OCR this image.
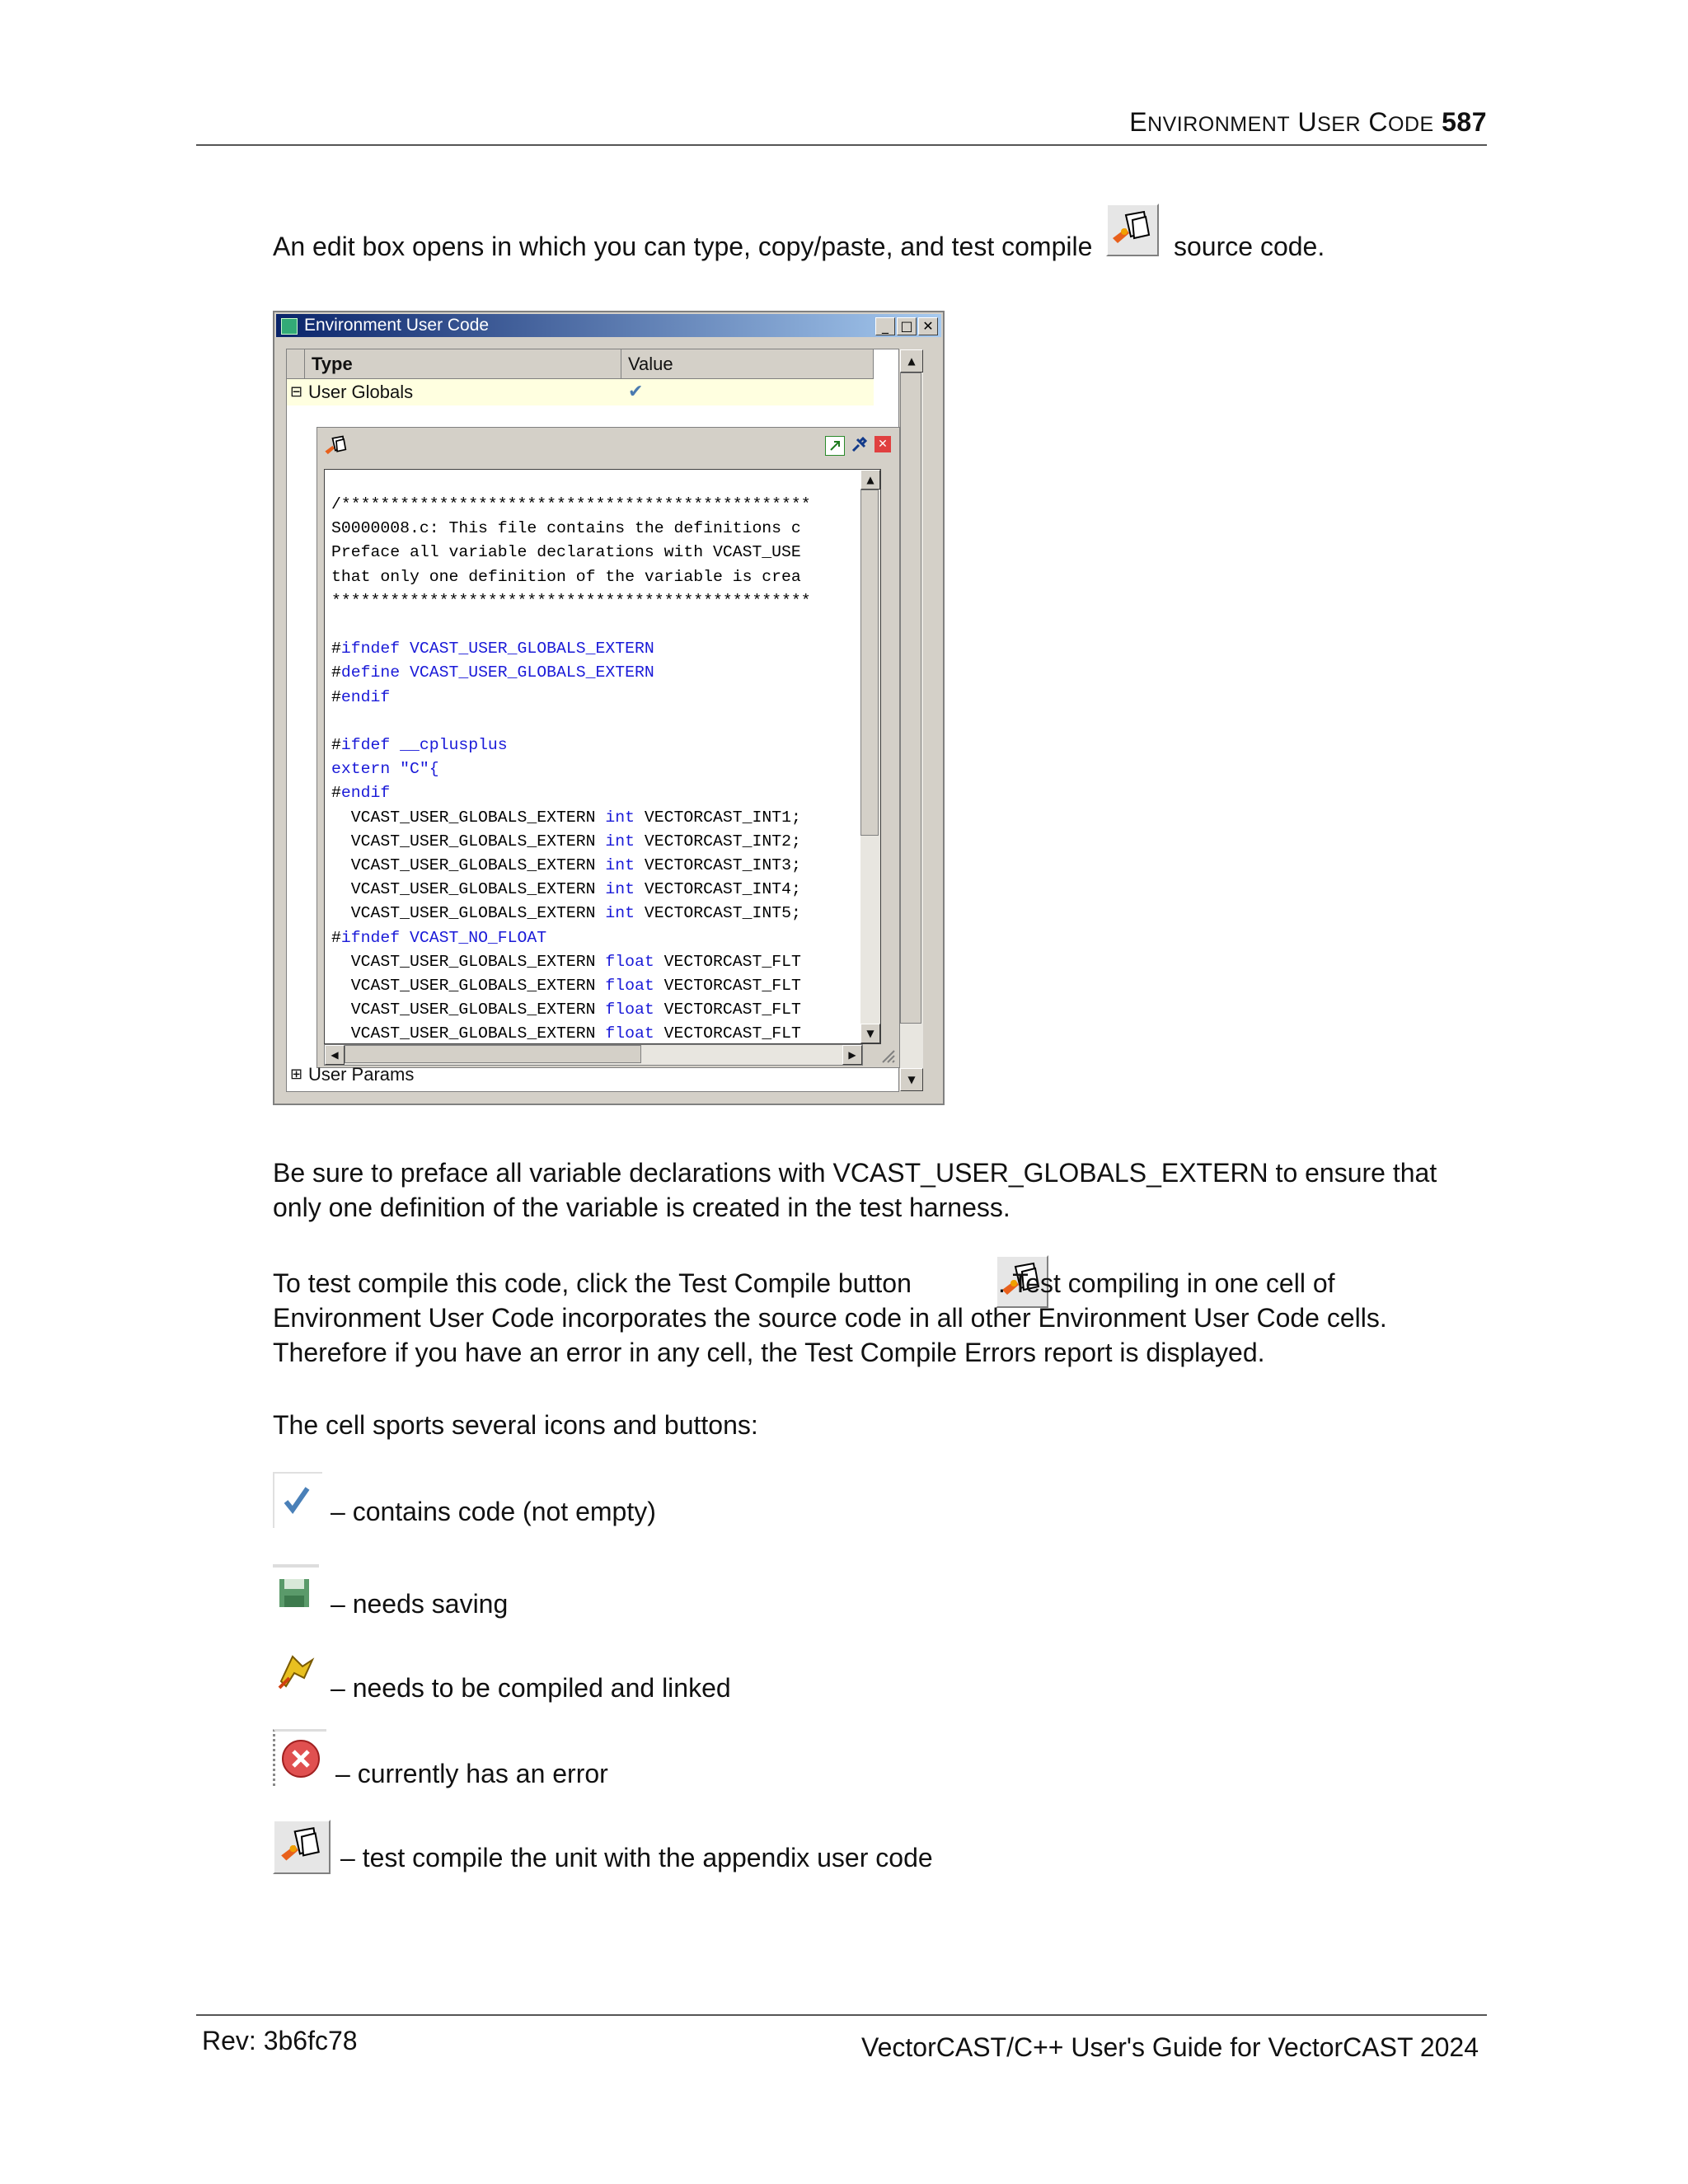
ENVIRONMENT USER CODE 587

An edit box opens in which you can type, copy/paste, and test compile

	source code.

Environment User Code	_ □ ✕
Type	Value
⊟ User Globals	✔
✕
/************************************************
S0000008.c: This file contains the definitions c
Preface all variable declarations with VCAST_USE
that only one definition of the variable is crea
*************************************************

#ifndef VCAST_USER_GLOBALS_EXTERN
#define VCAST_USER_GLOBALS_EXTERN
#endif

#ifdef __cplusplus
extern "C"{
#endif
VCAST_USER_GLOBALS_EXTERN int VECTORCAST_INT1;
VCAST_USER_GLOBALS_EXTERN int VECTORCAST_INT2;
VCAST_USER_GLOBALS_EXTERN int VECTORCAST_INT3;
VCAST_USER_GLOBALS_EXTERN int VECTORCAST_INT4;
VCAST_USER_GLOBALS_EXTERN int VECTORCAST_INT5;
#ifndef VCAST_NO_FLOAT
VCAST_USER_GLOBALS_EXTERN float VECTORCAST_FLT
VCAST_USER_GLOBALS_EXTERN float VECTORCAST_FLT
VCAST_USER_GLOBALS_EXTERN float VECTORCAST_FLT
VCAST_USER_GLOBALS_EXTERN float VECTORCAST_FLT
▲
▼
◀	▶
⊞ User Params
▲
▼

Be sure to preface all variable declarations with VCAST_USER_GLOBALS_EXTERN to ensure that only one definition of the variable is created in the test harness.

To test compile this code, click the Test Compile button	. Test compiling in one cell of Environment User Code incorporates the source code in all other Environment User Code cells. Therefore if you have an error in any cell, the Test Compile Errors report is displayed.

The cell sports several icons and buttons:

– contains code (not empty)
– needs saving
– needs to be compiled and linked
– currently has an error
– test compile the unit with the appendix user code
Rev: 3b6fc78	VectorCAST/C++ User's Guide for VectorCAST 2024
